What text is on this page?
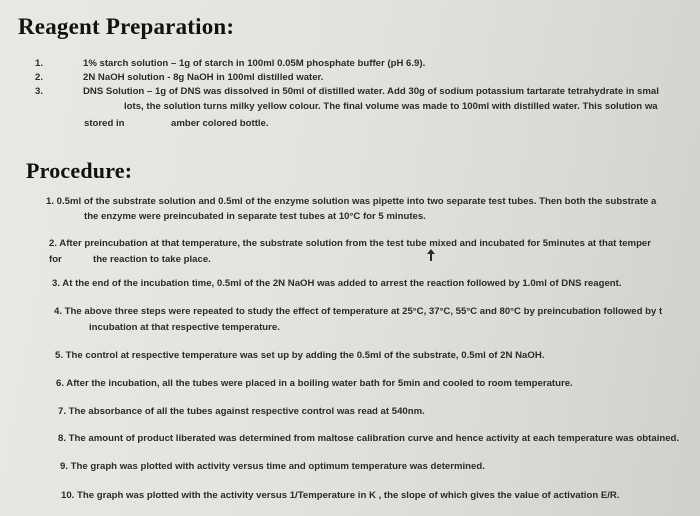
Reagent Preparation:
1.	1% starch solution – 1g of starch in 100ml 0.05M phosphate buffer (pH 6.9).
2.	2N NaOH solution - 8g NaOH in 100ml distilled water.
3.	DNS Solution – 1g of DNS was dissolved in 50ml of distilled water. Add 30g of sodium potassium tartarate tetrahydrate in smal
lots, the solution turns milky yellow colour. The final volume was made to 100ml with distilled water. This solution wa
stored in	amber colored bottle.
Procedure:
1. 0.5ml of the substrate solution and 0.5ml of the enzyme solution was pipette into two separate test tubes. Then both the substrate a
the enzyme were preincubated in separate test tubes at 10°C for 5 minutes.
2. After preincubation at that temperature, the substrate solution from the test tube mixed and incubated for 5minutes at that temper
for	the reaction to take place.
3. At the end of the incubation time, 0.5ml of the 2N NaOH was added to arrest the reaction followed by 1.0ml of DNS reagent.
4. The above three steps were repeated to study the effect of temperature at 25°C, 37°C, 55°C and 80°C by preincubation followed by t
incubation at that respective temperature.
5. The control at respective temperature was set up by adding the 0.5ml of the substrate, 0.5ml of 2N NaOH.
6. After the incubation, all the tubes were placed in a boiling water bath for 5min and cooled to room temperature.
7. The absorbance of all the tubes against respective control was read at 540nm.
8. The amount of product liberated was determined from maltose calibration curve and hence activity at each temperature was obtained.
9. The graph was plotted with activity versus time and optimum temperature was determined.
10. The graph was plotted with the activity versus 1/Temperature in K , the slope of which gives the value of activation E/R.
